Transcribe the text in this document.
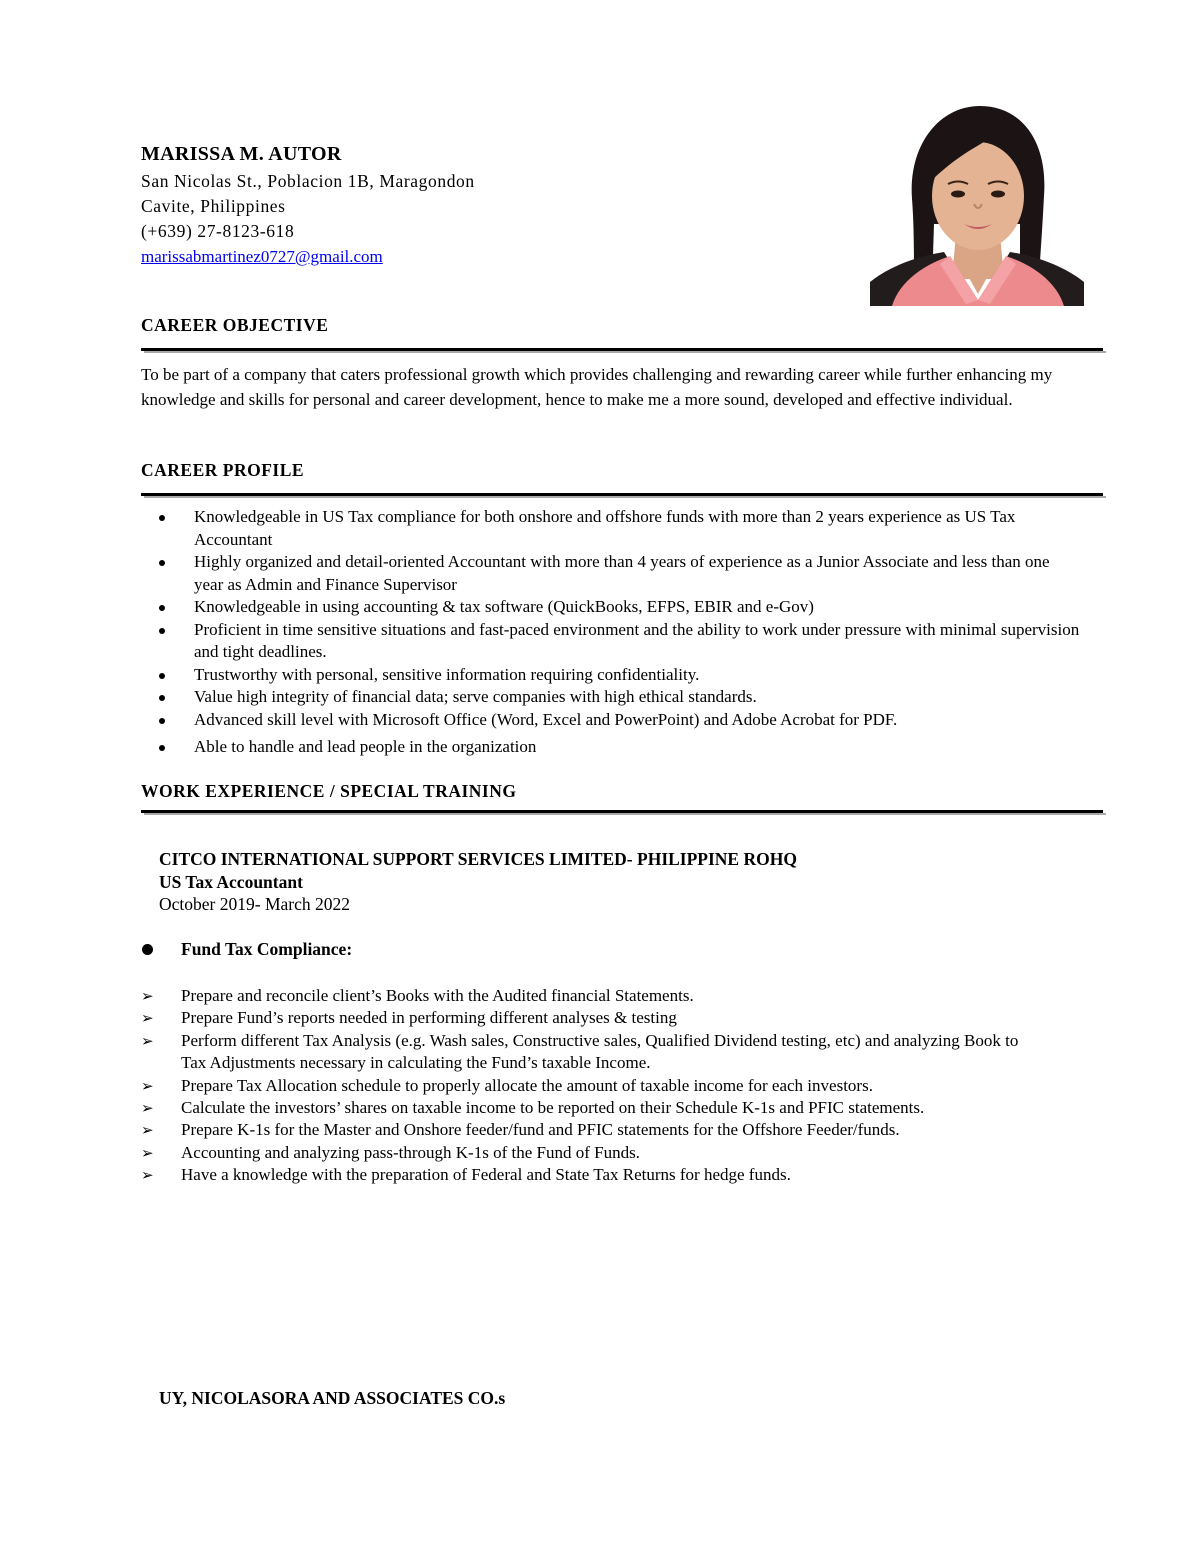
MARISSA M. AUTOR
San Nicolas St., Poblacion 1B, Maragondon
Cavite, Philippines
(+639) 27-8123-618
marissabmartinez0727@gmail.com
CAREER OBJECTIVE

To be part of a company that caters professional growth which provides challenging and rewarding career while further enhancing my knowledge and skills for personal and career development, hence to make me a more sound, developed and effective individual.

CAREER PROFILE
Knowledgeable in US Tax compliance for both onshore and offshore funds with more than 2 years experience as US Tax Accountant
Highly organized and detail-oriented Accountant with more than 4 years of experience as a Junior Associate and less than one year as Admin and Finance Supervisor
Knowledgeable in using accounting & tax software (QuickBooks, EFPS, EBIR and e-Gov)
Proficient in time sensitive situations and fast-paced environment and the ability to work under pressure with minimal supervision and tight deadlines.
Trustworthy with personal, sensitive information requiring confidentiality.
Value high integrity of financial data; serve companies with high ethical standards.
Advanced skill level with Microsoft Office (Word, Excel and PowerPoint) and Adobe Acrobat for PDF.
Able to handle and lead people in the organization
WORK EXPERIENCE / SPECIAL TRAINING
CITCO INTERNATIONAL SUPPORT SERVICES LIMITED- PHILIPPINE ROHQ
US Tax Accountant
October 2019- March 2022
Fund Tax Compliance:
➢ Prepare and reconcile client’s Books with the Audited financial Statements.
➢ Prepare Fund’s reports needed in performing different analyses & testing
➢ Perform different Tax Analysis (e.g. Wash sales, Constructive sales, Qualified Dividend testing, etc) and analyzing Book to Tax Adjustments necessary in calculating the Fund’s taxable Income.
➢ Prepare Tax Allocation schedule to properly allocate the amount of taxable income for each investors.
➢ Calculate the investors’ shares on taxable income to be reported on their Schedule K-1s and PFIC statements.
➢ Prepare K-1s for the Master and Onshore feeder/fund and PFIC statements for the Offshore Feeder/funds.
➢ Accounting and analyzing pass-through K-1s of the Fund of Funds.
➢ Have a knowledge with the preparation of Federal and State Tax Returns for hedge funds.
UY, NICOLASORA AND ASSOCIATES CO.s
